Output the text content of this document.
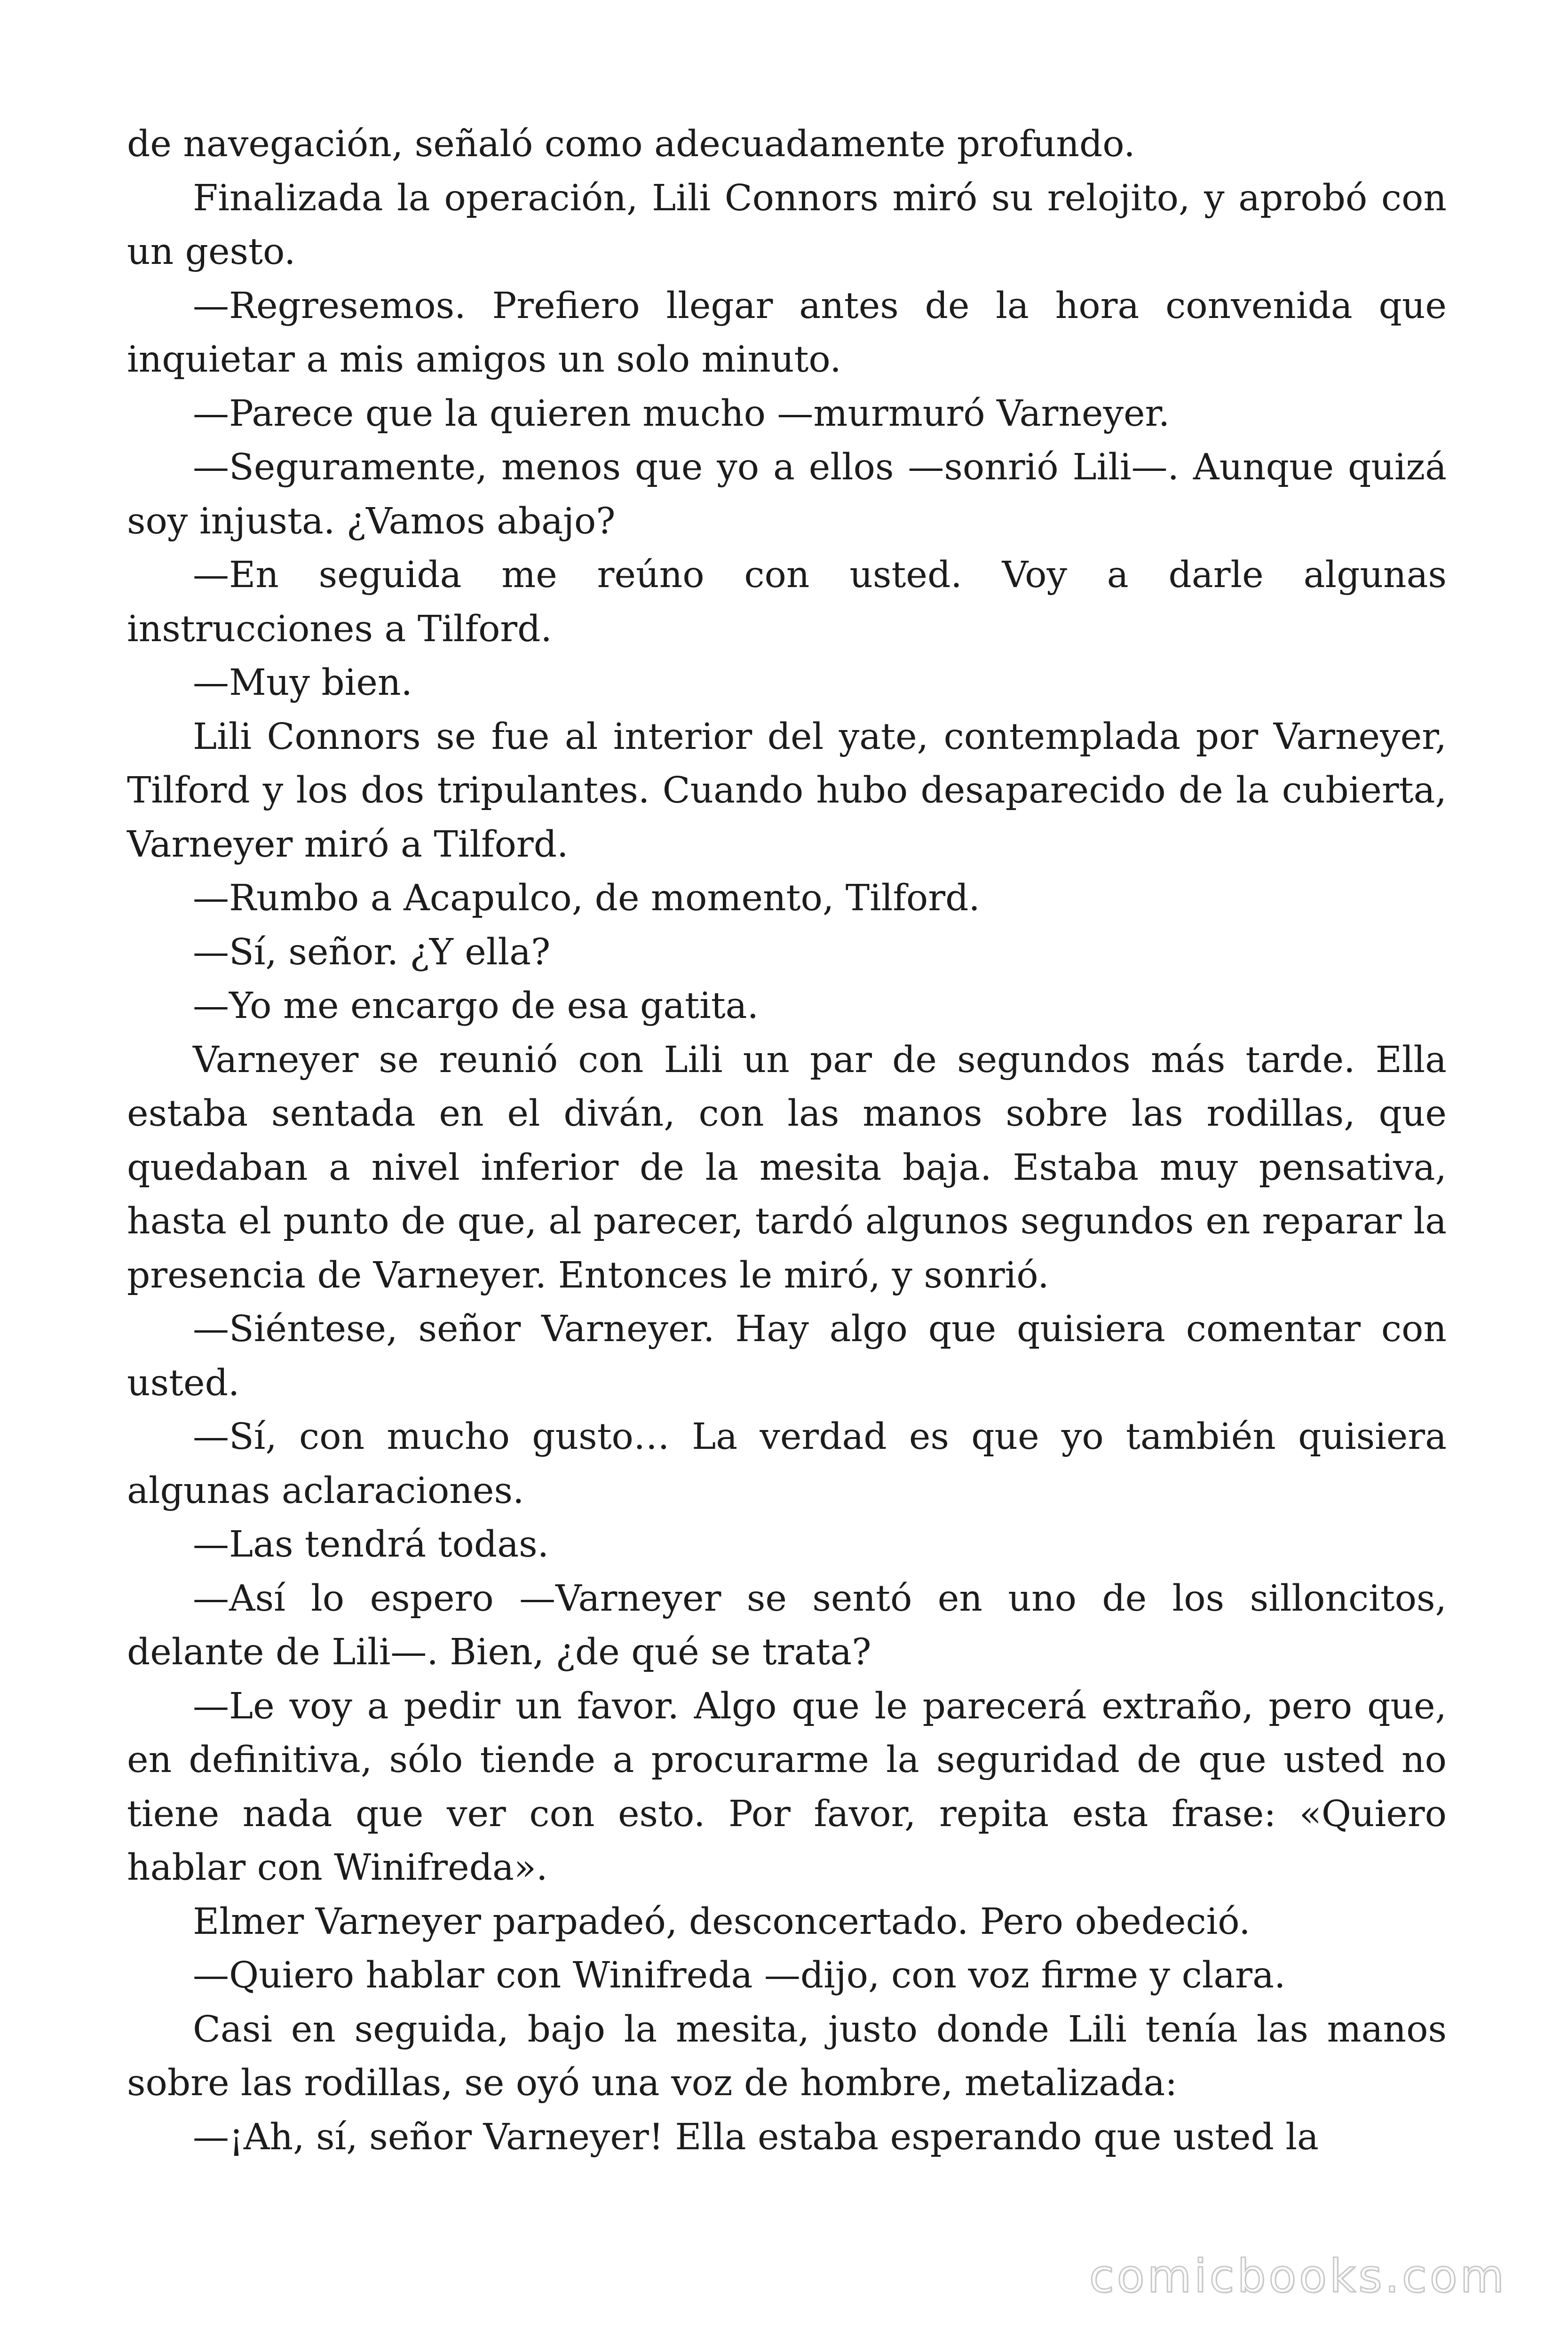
de navegación, señaló como adecuadamente profundo.

Finalizada la operación, Lili Connors miró su relojito, y aprobó con un gesto.

—Regresemos. Prefiero llegar antes de la hora convenida que inquietar a mis amigos un solo minuto.

—Parece que la quieren mucho —murmuró Varneyer.

—Seguramente, menos que yo a ellos —sonrió Lili—. Aunque quizá soy injusta. ¿Vamos abajo?

—En seguida me reúno con usted. Voy a darle algunas instrucciones a Tilford.

—Muy bien.

Lili Connors se fue al interior del yate, contemplada por Varneyer, Tilford y los dos tripulantes. Cuando hubo desaparecido de la cubierta, Varneyer miró a Tilford.

—Rumbo a Acapulco, de momento, Tilford.

—Sí, señor. ¿Y ella?

—Yo me encargo de esa gatita.

Varneyer se reunió con Lili un par de segundos más tarde. Ella estaba sentada en el diván, con las manos sobre las rodillas, que quedaban a nivel inferior de la mesita baja. Estaba muy pensativa, hasta el punto de que, al parecer, tardó algunos segundos en reparar la presencia de Varneyer. Entonces le miró, y sonrió.

—Siéntese, señor Varneyer. Hay algo que quisiera comentar con usted.

—Sí, con mucho gusto… La verdad es que yo también quisiera algunas aclaraciones.

—Las tendrá todas.

—Así lo espero —Varneyer se sentó en uno de los silloncitos, delante de Lili—. Bien, ¿de qué se trata?

—Le voy a pedir un favor. Algo que le parecerá extraño, pero que, en definitiva, sólo tiende a procurarme la seguridad de que usted no tiene nada que ver con esto. Por favor, repita esta frase: «Quiero hablar con Winifreda».

Elmer Varneyer parpadeó, desconcertado. Pero obedeció.

—Quiero hablar con Winifreda —dijo, con voz firme y clara.

Casi en seguida, bajo la mesita, justo donde Lili tenía las manos sobre las rodillas, se oyó una voz de hombre, metalizada:

—¡Ah, sí, señor Varneyer! Ella estaba esperando que usted la

comicbooks.com
